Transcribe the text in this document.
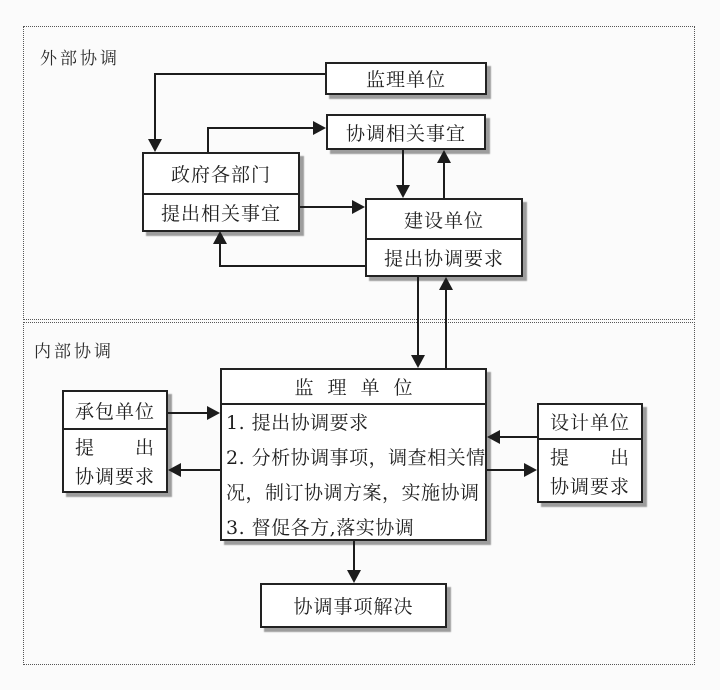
外部协调
内部协调
监理单位
协调相关事宜
政府各部门
提出相关事宜	建设单位
提出协调要求
承包单位
提　　出
协调要求
监理单位
1. 提出协调要求
2. 分析协调事项，调查相关情
况，制订协调方案，实施协调
3. 督促各方,落实协调
设计单位
提　　出
协调要求
协调事项解决
